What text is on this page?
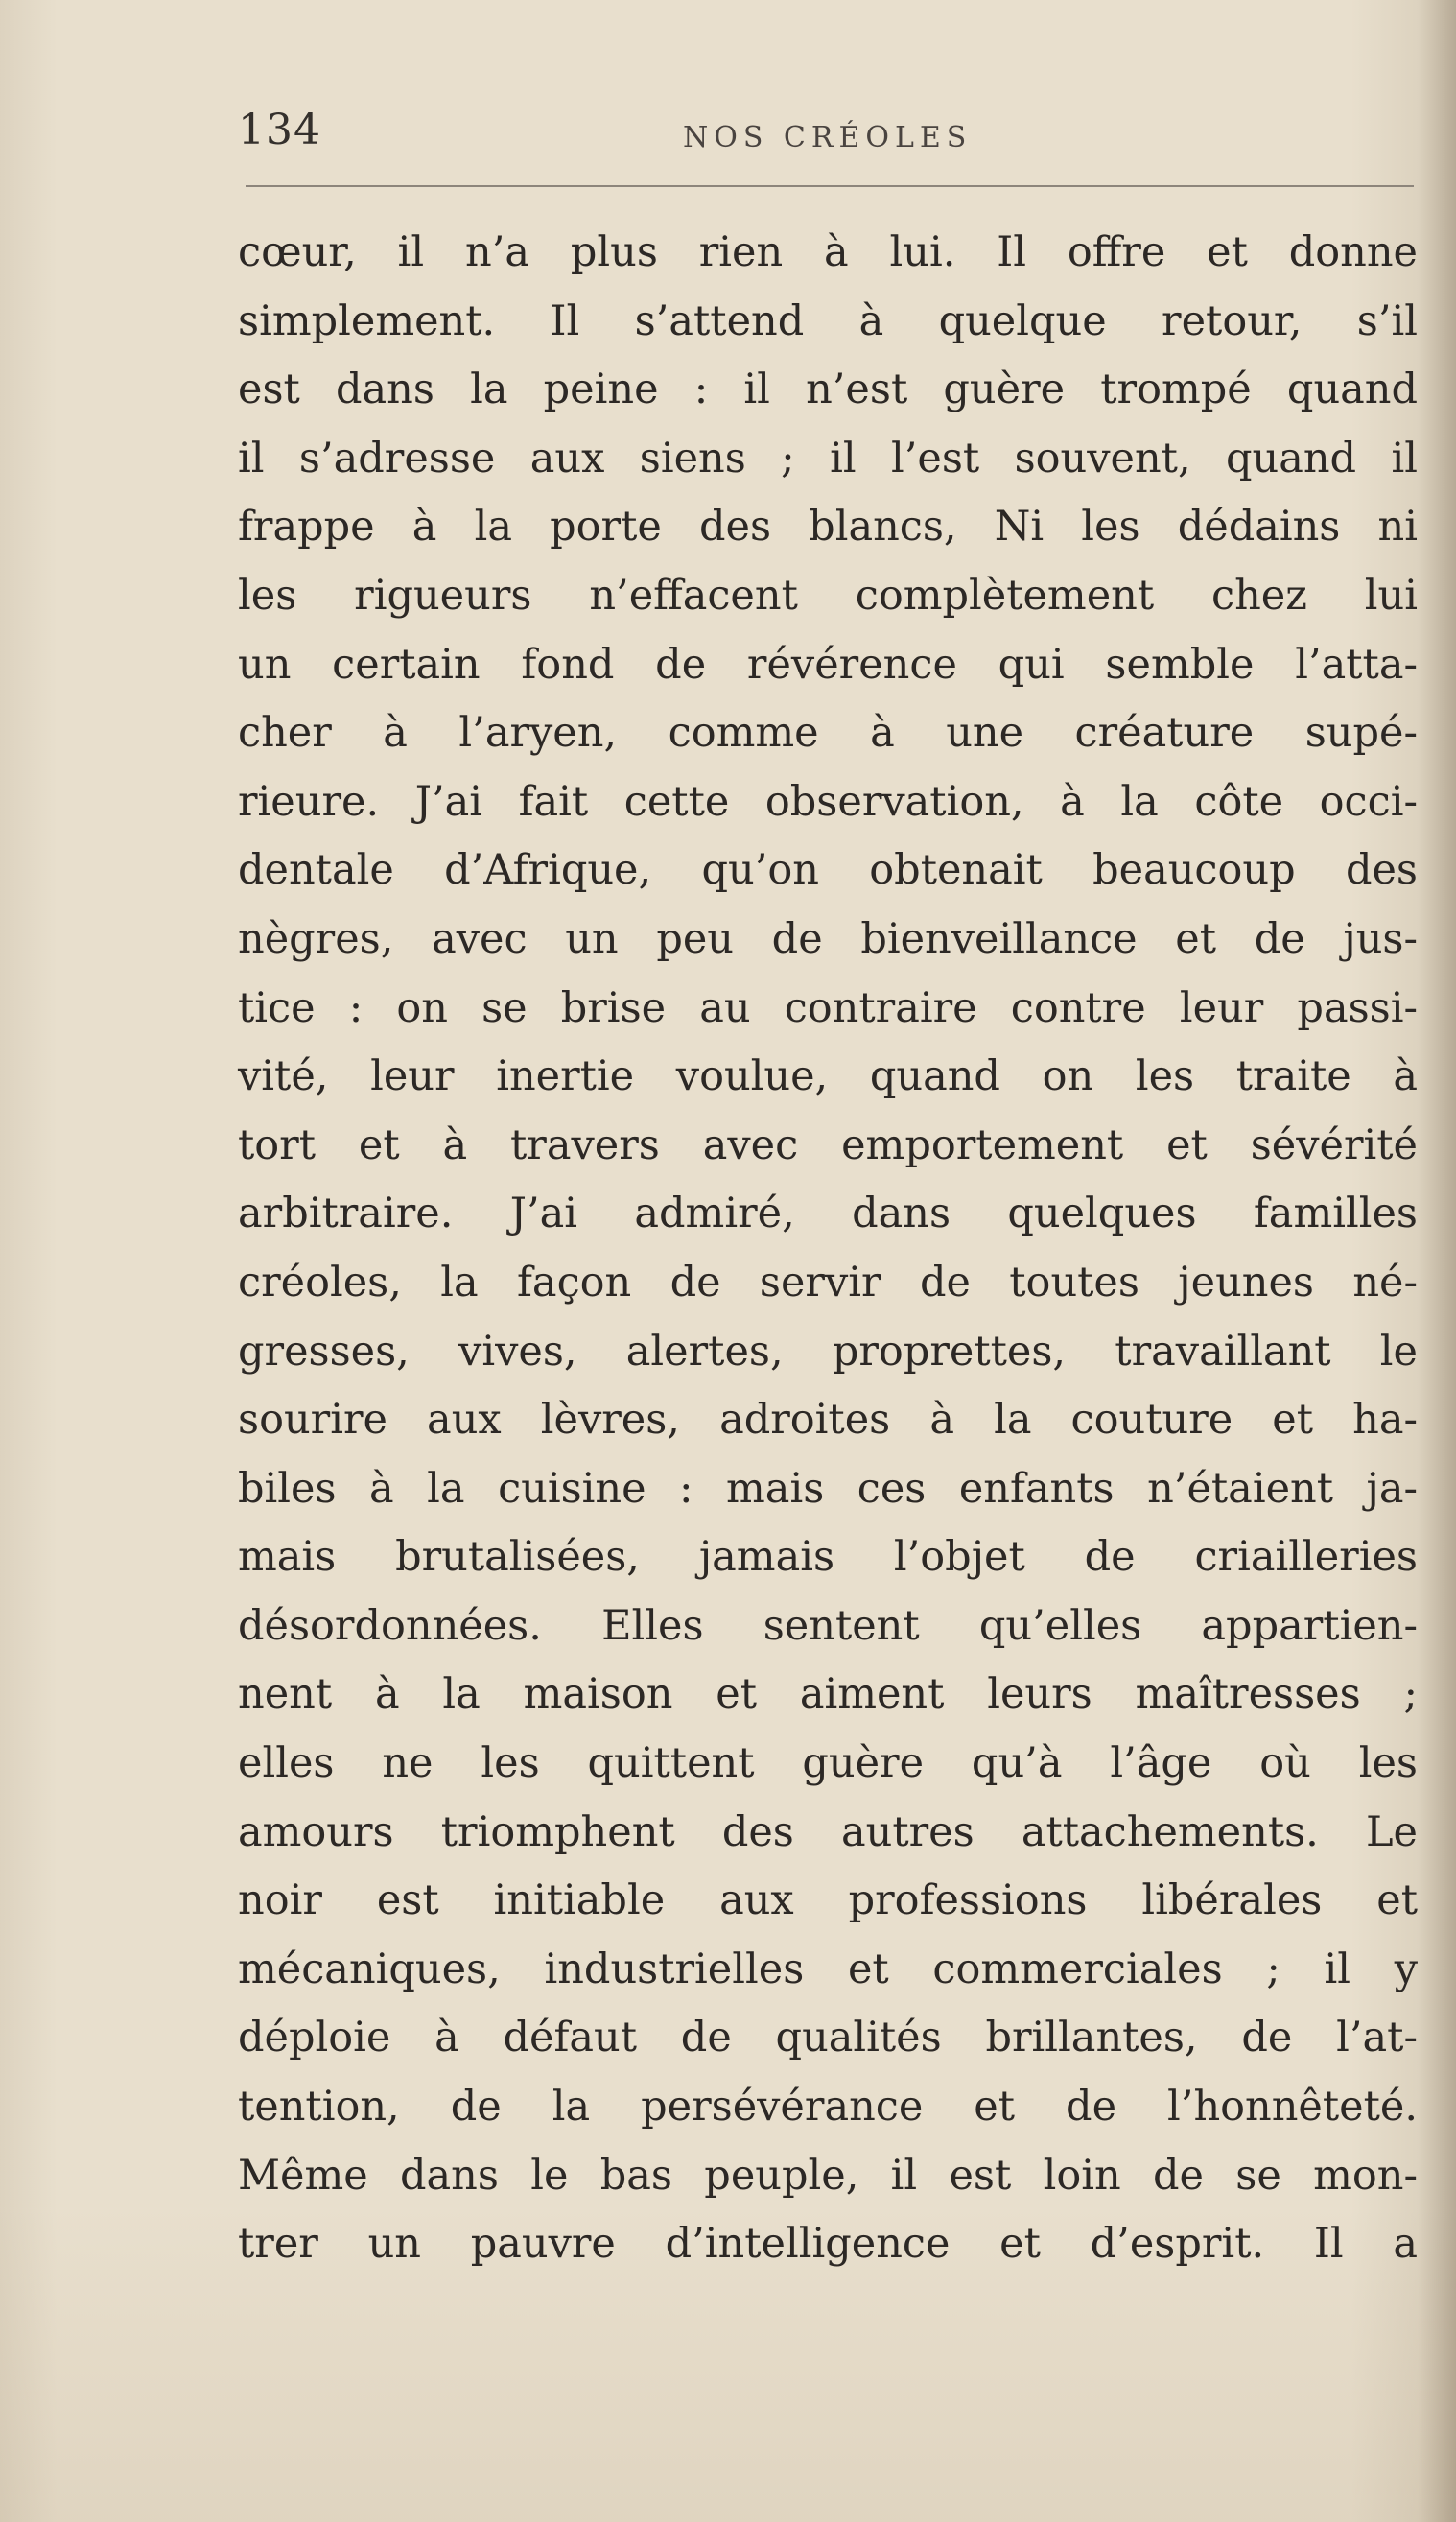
134	NOS CRÉOLES
cœur, il n’a plus rien à lui. Il offre et donne
simplement. Il s’attend à quelque retour, s’il
est dans la peine : il n’est guère trompé quand
il s’adresse aux siens ; il l’est souvent, quand il
frappe à la porte des blancs, Ni les dédains ni
les rigueurs n’effacent complètement chez lui
un certain fond de révérence qui semble l’atta-
cher à l’aryen, comme à une créature supé-
rieure. J’ai fait cette observation, à la côte occi-
dentale d’Afrique, qu’on obtenait beaucoup des
nègres, avec un peu de bienveillance et de jus-
tice : on se brise au contraire contre leur passi-
vité, leur inertie voulue, quand on les traite à
tort et à travers avec emportement et sévérité
arbitraire. J’ai admiré, dans quelques familles
créoles, la façon de servir de toutes jeunes né-
gresses, vives, alertes, proprettes, travaillant le
sourire aux lèvres, adroites à la couture et ha-
biles à la cuisine : mais ces enfants n’étaient ja-
mais brutalisées, jamais l’objet de criailleries
désordonnées. Elles sentent qu’elles appartien-
nent à la maison et aiment leurs maîtresses ;
elles ne les quittent guère qu’à l’âge où les
amours triomphent des autres attachements. Le
noir est initiable aux professions libérales et
mécaniques, industrielles et commerciales ; il y
déploie à défaut de qualités brillantes, de l’at-
tention, de la persévérance et de l’honnêteté.
Même dans le bas peuple, il est loin de se mon-
trer un pauvre d’intelligence et d’esprit. Il a
